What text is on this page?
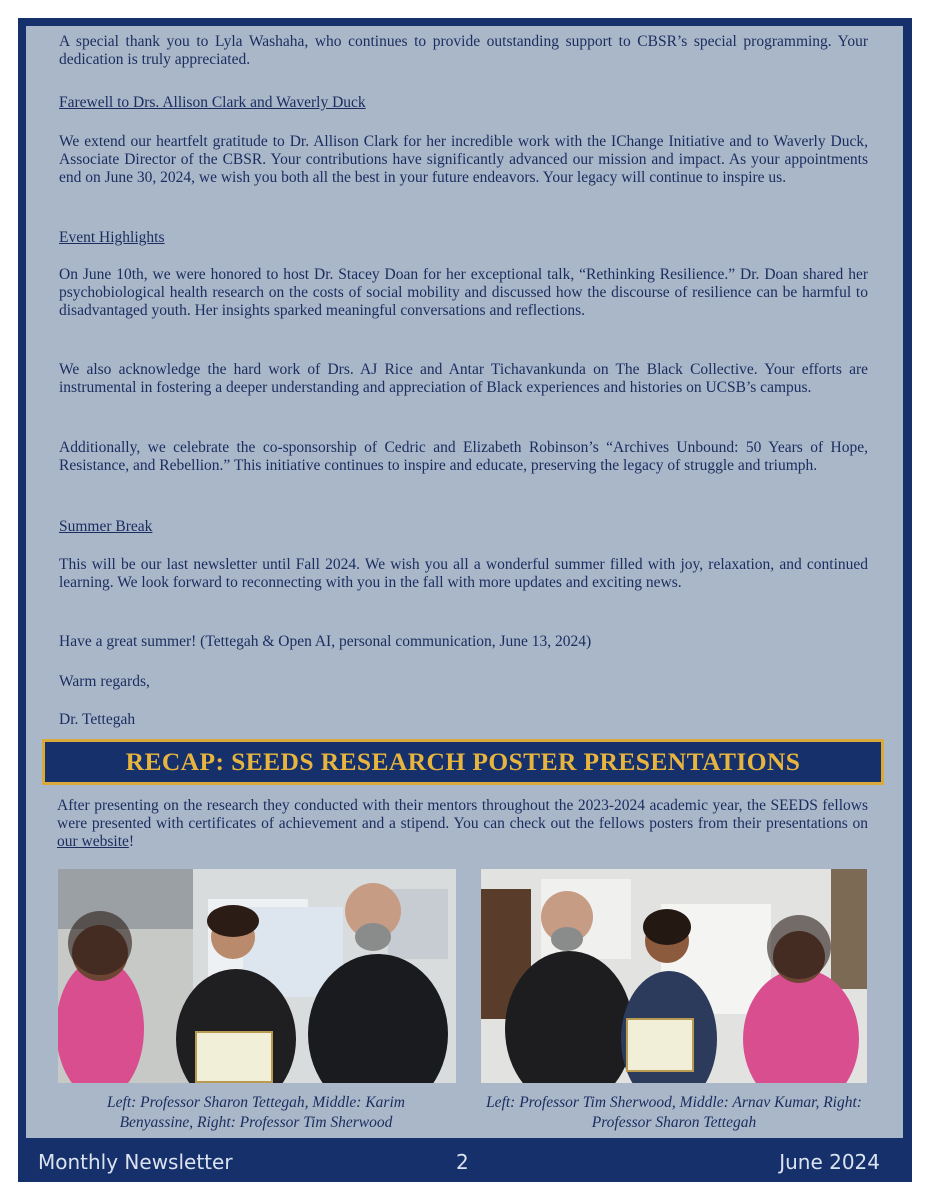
A special thank you to Lyla Washaha, who continues to provide outstanding support to CBSR’s special programming. Your dedication is truly appreciated.

Farewell to Drs. Allison Clark and Waverly Duck

We extend our heartfelt gratitude to Dr. Allison Clark for her incredible work with the IChange Initiative and to Waverly Duck, Associate Director of the CBSR. Your contributions have significantly advanced our mission and impact. As your appointments end on June 30, 2024, we wish you both all the best in your future endeavors. Your legacy will continue to inspire us.

Event Highlights

On June 10th, we were honored to host Dr. Stacey Doan for her exceptional talk, “Rethinking Resilience.” Dr. Doan shared her psychobiological health research on the costs of social mobility and discussed how the discourse of resilience can be harmful to disadvantaged youth. Her insights sparked meaningful conversations and reflections.

We also acknowledge the hard work of Drs. AJ Rice and Antar Tichavankunda on The Black Collective. Your efforts are instrumental in fostering a deeper understanding and appreciation of Black experiences and histories on UCSB’s campus.

Additionally, we celebrate the co-sponsorship of Cedric and Elizabeth Robinson’s “Archives Unbound: 50 Years of Hope, Resistance, and Rebellion.” This initiative continues to inspire and educate, preserving the legacy of struggle and triumph.

Summer Break

This will be our last newsletter until Fall 2024. We wish you all a wonderful summer filled with joy, relaxation, and continued learning. We look forward to reconnecting with you in the fall with more updates and exciting news.

Have a great summer! (Tettegah & Open AI, personal communication, June 13, 2024)

Warm regards,

Dr. Tettegah

RECAP: SEEDS RESEARCH POSTER PRESENTATIONS

After presenting on the research they conducted with their mentors throughout the 2023-2024 academic year, the SEEDS fellows were presented with certificates of achievement and a stipend. You can check out the fellows posters from their presentations on our website!

Left: Professor Sharon Tettegah, Middle: Karim Benyassine, Right: Professor Tim Sherwood
Left: Professor Tim Sherwood, Middle: Arnav Kumar, Right: Professor Sharon Tettegah
Monthly Newsletter	2	June 2024
